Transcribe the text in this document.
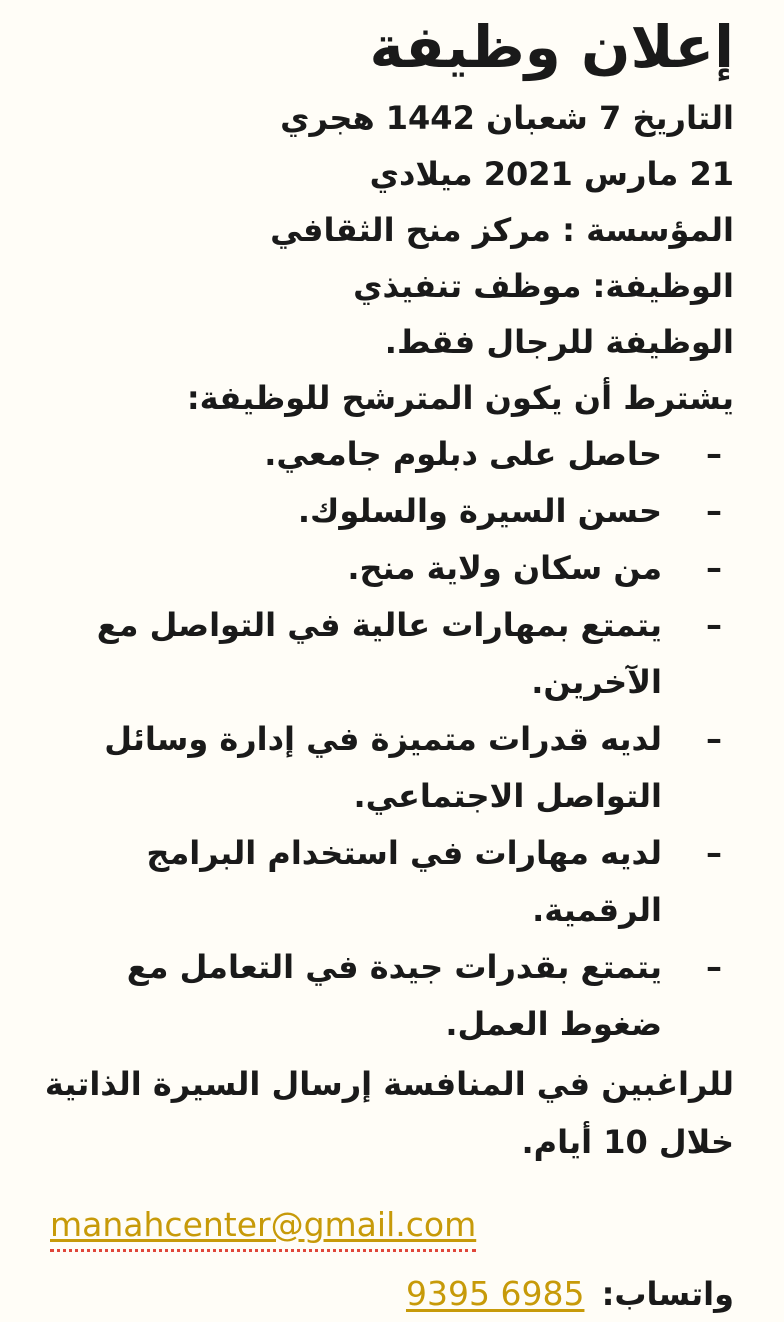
إعلان وظيفة

التاريخ 7 شعبان 1442 هجري

21 مارس 2021 ميلادي

المؤسسة : مركز منح الثقافي

الوظيفة: موظف تنفيذي

الوظيفة للرجال فقط.

يشترط أن يكون المترشح للوظيفة:

–
حاصل على دبلوم جامعي.
–
حسن السيرة والسلوك.
–
من سكان ولاية منح.
–
يتمتع بمهارات عالية في التواصل مع الآخرين.
–
لديه قدرات متميزة في إدارة وسائل التواصل الاجتماعي.
–
لديه مهارات في استخدام البرامج الرقمية.
–
يتمتع بقدرات جيدة في التعامل مع ضغوط العمل.

للراغبين في المنافسة إرسال السيرة الذاتية خلال 10 أيام.

manahcenter@gmail.com
واتساب: 9395 6985
